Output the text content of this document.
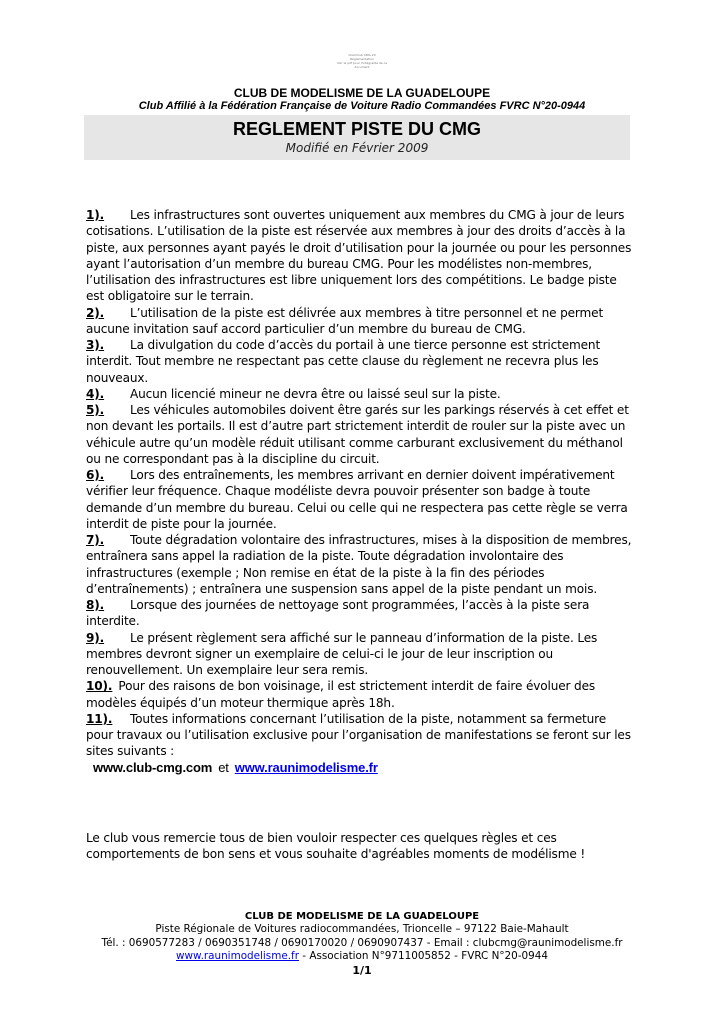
Club/Club CMG 20
Réglementation
Voir le pdf pour l'intégralité de ce document
CLUB DE MODELISME DE LA GUADELOUPE
Club Affilié à la Fédération Française de Voiture Radio Commandées FVRC N°20-0944
REGLEMENT PISTE DU CMG
Modifié en Février 2009

1). Les infrastructures sont ouvertes uniquement aux membres du CMG à jour de leurs cotisations. L’utilisation de la piste est réservée aux membres à jour des droits d’accès à la piste, aux personnes ayant payés le droit d’utilisation pour la journée ou pour les personnes ayant l’autorisation d’un membre du bureau CMG. Pour les modélistes non-membres, l’utilisation des infrastructures est libre uniquement lors des compétitions. Le badge piste est obligatoire sur le terrain.

2). L’utilisation de la piste est délivrée aux membres à titre personnel et ne permet aucune invitation sauf accord particulier d’un membre du bureau de CMG.

3). La divulgation du code d’accès du portail à une tierce personne est strictement interdit. Tout membre ne respectant pas cette clause du règlement ne recevra plus les nouveaux.

4). Aucun licencié mineur ne devra être ou laissé seul sur la piste.

5). Les véhicules automobiles doivent être garés sur les parkings réservés à cet effet et non devant les portails. Il est d’autre part strictement interdit de rouler sur la piste avec un véhicule autre qu’un modèle réduit utilisant comme carburant exclusivement du méthanol ou ne correspondant pas à la discipline du circuit.

6). Lors des entraînements, les membres arrivant en dernier doivent impérativement vérifier leur fréquence. Chaque modéliste devra pouvoir présenter son badge à toute demande d’un membre du bureau. Celui ou celle qui ne respectera pas cette règle se verra interdit de piste pour la journée.

7). Toute dégradation volontaire des infrastructures, mises à la disposition de membres, entraînera sans appel la radiation de la piste. Toute dégradation involontaire des infrastructures (exemple ; Non remise en état de la piste à la fin des périodes d’entraînements) ; entraînera une suspension sans appel de la piste pendant un mois.

8). Lorsque des journées de nettoyage sont programmées, l’accès à la piste sera interdite.

9). Le présent règlement sera affiché sur le panneau d’information de la piste. Les membres devront signer un exemplaire de celui-ci le jour de leur inscription ou renouvellement. Un exemplaire leur sera remis.

10). Pour des raisons de bon voisinage, il est strictement interdit de faire évoluer des modèles équipés d’un moteur thermique après 18h.

11). Toutes informations concernant l’utilisation de la piste, notamment sa fermeture pour travaux ou l’utilisation exclusive pour l’organisation de manifestations se feront sur les sites suivants :

www.club-cmg.com et www.raunimodelisme.fr

Le club vous remercie tous de bien vouloir respecter ces quelques règles et ces comportements de bon sens et vous souhaite d'agréables moments de modélisme !
CLUB DE MODELISME DE LA GUADELOUPE
Piste Régionale de Voitures radiocommandées, Trioncelle – 97122 Baie-Mahault
Tél. : 0690577283 / 0690351748 / 0690170020 / 0690907437 - Email : clubcmg@raunimodelisme.fr
www.raunimodelisme.fr - Association N°9711005852 - FVRC N°20-0944
1/1
